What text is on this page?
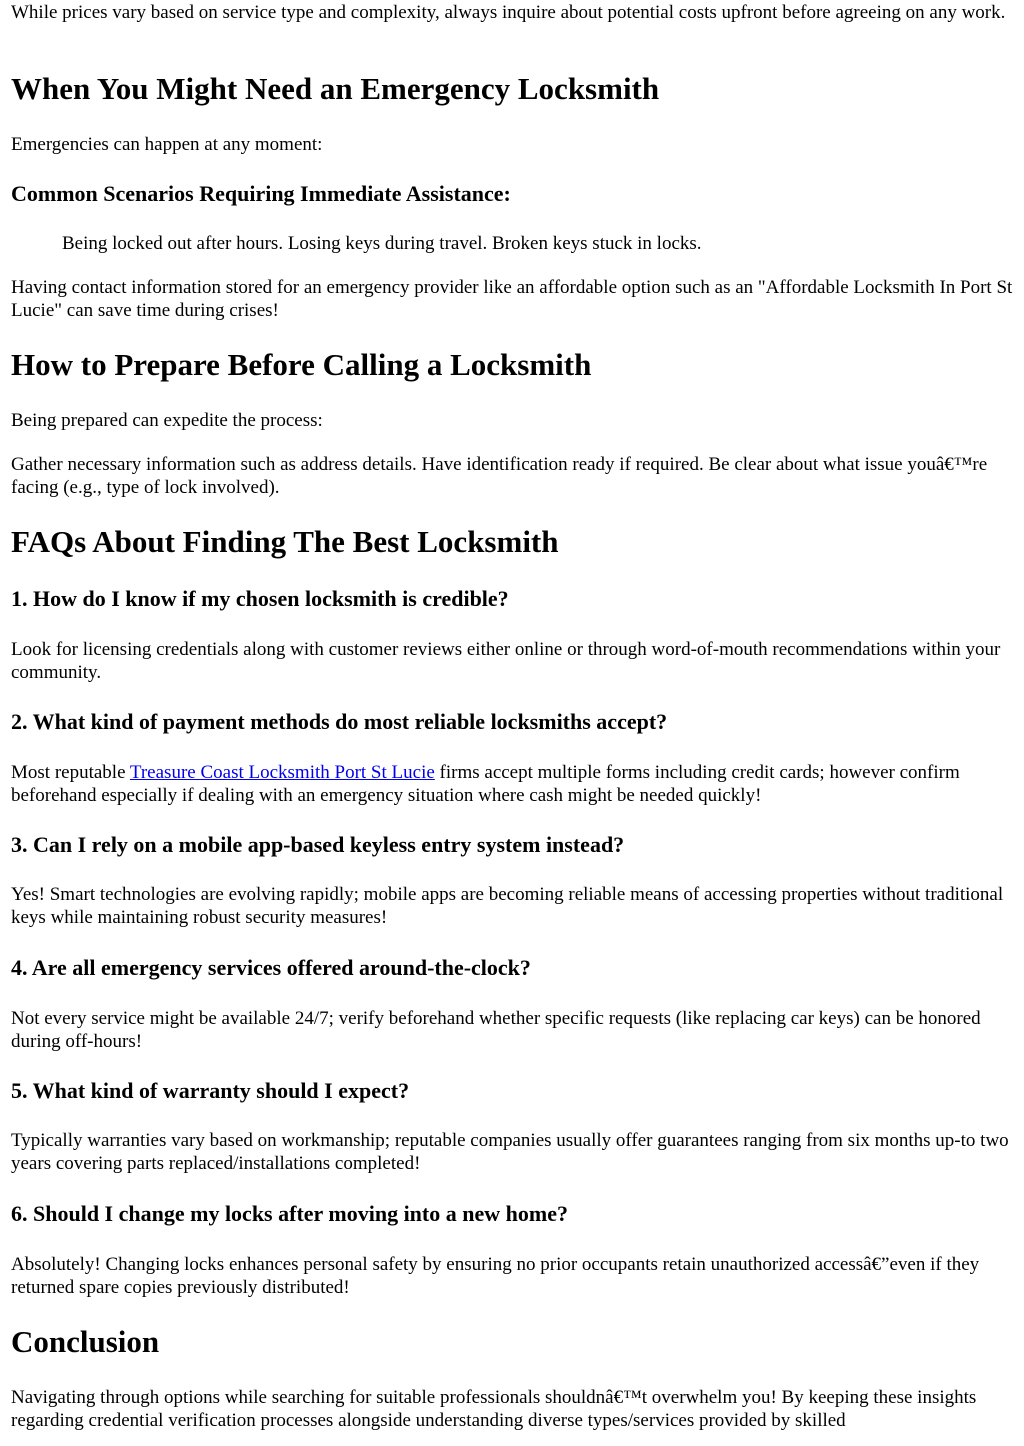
While prices vary based on service type and complexity, always inquire about potential costs upfront before agreeing on any work.

When You Might Need an Emergency Locksmith

Emergencies can happen at any moment:

Common Scenarios Requiring Immediate Assistance:

Being locked out after hours. Losing keys during travel. Broken keys stuck in locks.

Having contact information stored for an emergency provider like an affordable option such as an "Affordable Locksmith In Port St Lucie" can save time during crises!

How to Prepare Before Calling a Locksmith

Being prepared can expedite the process:

Gather necessary information such as address details. Have identification ready if required. Be clear about what issue youâ€™re facing (e.g., type of lock involved).

FAQs About Finding The Best Locksmith
1. How do I know if my chosen locksmith is credible?

Look for licensing credentials along with customer reviews either online or through word-of-mouth recommendations within your community.

2. What kind of payment methods do most reliable locksmiths accept?

Most reputable Treasure Coast Locksmith Port St Lucie firms accept multiple forms including credit cards; however confirm beforehand especially if dealing with an emergency situation where cash might be needed quickly!

3. Can I rely on a mobile app-based keyless entry system instead?

Yes! Smart technologies are evolving rapidly; mobile apps are becoming reliable means of accessing properties without traditional keys while maintaining robust security measures!

4. Are all emergency services offered around-the-clock?

Not every service might be available 24/7; verify beforehand whether specific requests (like replacing car keys) can be honored during off-hours!

5. What kind of warranty should I expect?

Typically warranties vary based on workmanship; reputable companies usually offer guarantees ranging from six months up-to two years covering parts replaced/installations completed!

6. Should I change my locks after moving into a new home?

Absolutely! Changing locks enhances personal safety by ensuring no prior occupants retain unauthorized accessâ€”even if they returned spare copies previously distributed!

Conclusion

Navigating through options while searching for suitable professionals shouldnâ€™t overwhelm you! By keeping these insights regarding credential verification processes alongside understanding diverse types/services provided by skilled
